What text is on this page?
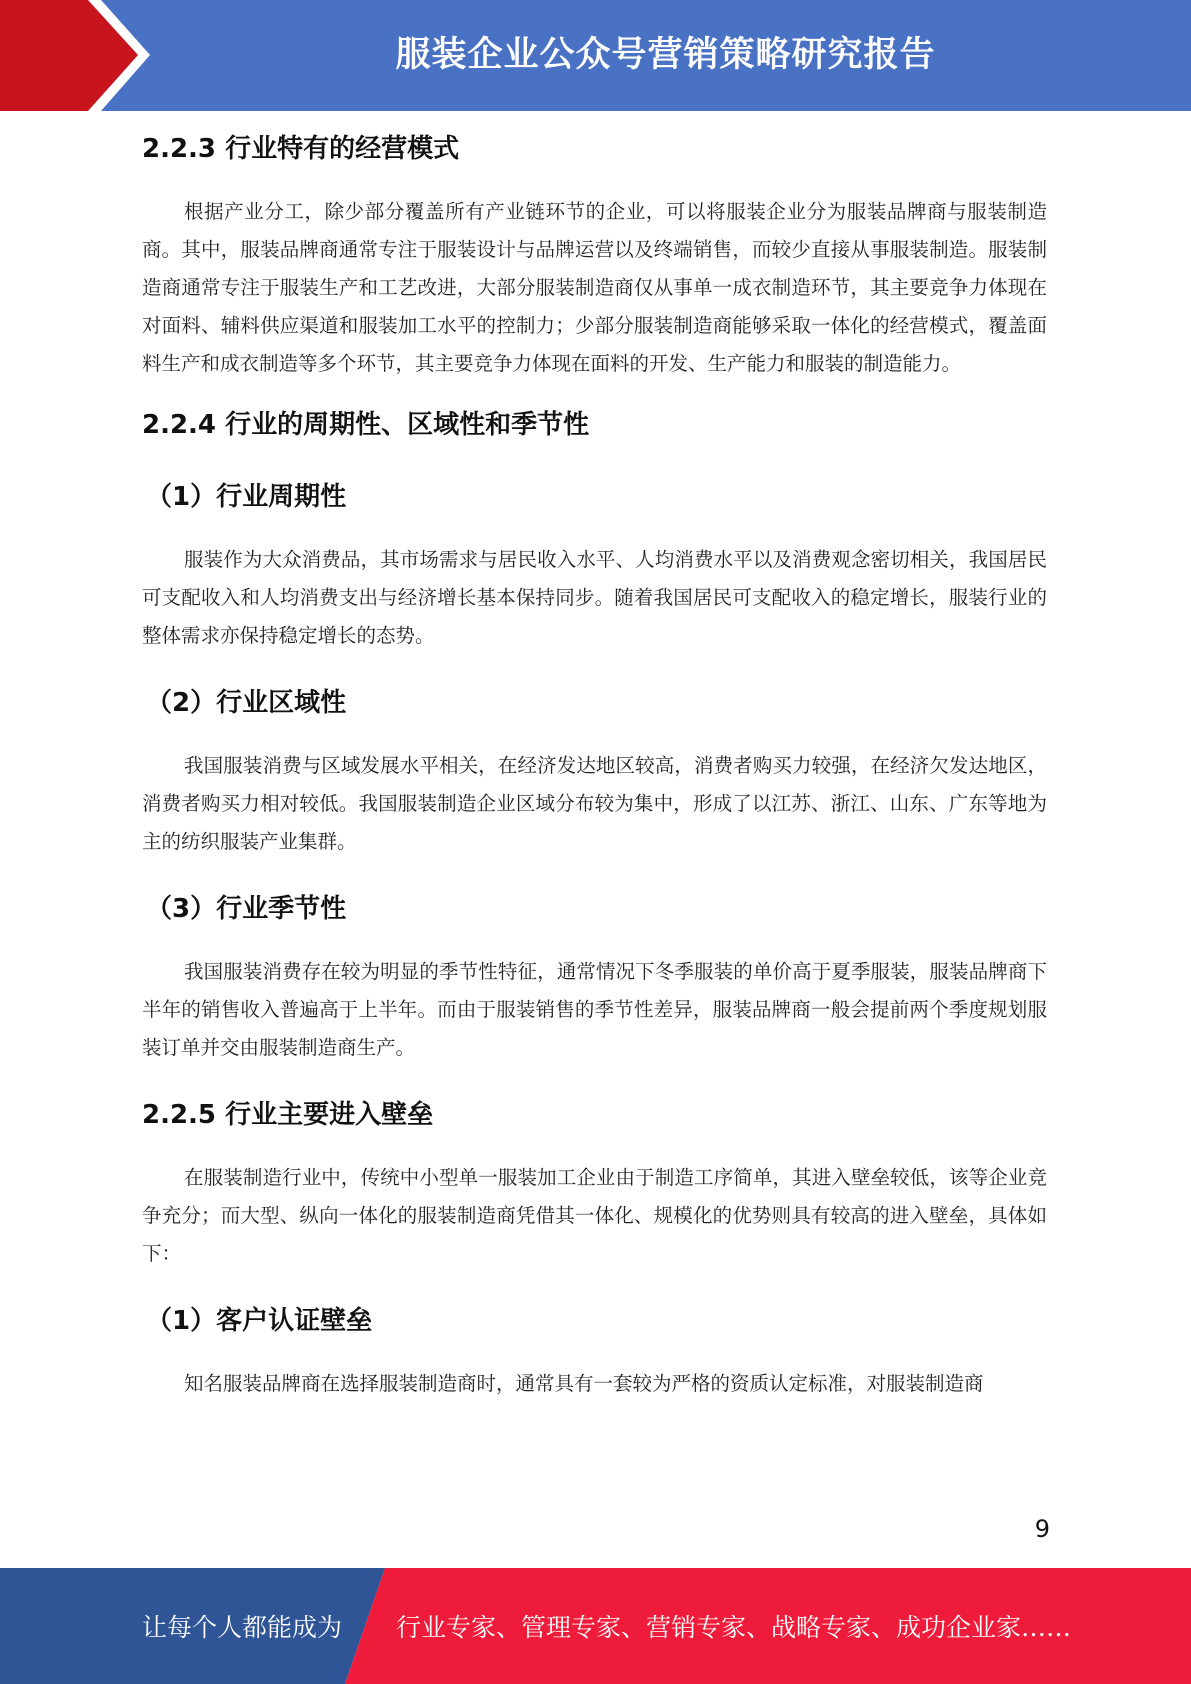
服装企业公众号营销策略研究报告
2.2.3 行业特有的经营模式

根据产业分工，除少部分覆盖所有产业链环节的企业，可以将服装企业分为服装品牌商与服装制造商。其中，服装品牌商通常专注于服装设计与品牌运营以及终端销售，而较少直接从事服装制造。服装制造商通常专注于服装生产和工艺改进，大部分服装制造商仅从事单一成衣制造环节，其主要竞争力体现在对面料、辅料供应渠道和服装加工水平的控制力；少部分服装制造商能够采取一体化的经营模式，覆盖面料生产和成衣制造等多个环节，其主要竞争力体现在面料的开发、生产能力和服装的制造能力。

2.2.4 行业的周期性、区域性和季节性
（1）行业周期性

服装作为大众消费品，其市场需求与居民收入水平、人均消费水平以及消费观念密切相关，我国居民可支配收入和人均消费支出与经济增长基本保持同步。随着我国居民可支配收入的稳定增长，服装行业的整体需求亦保持稳定增长的态势。

（2）行业区域性

我国服装消费与区域发展水平相关，在经济发达地区较高，消费者购买力较强，在经济欠发达地区，消费者购买力相对较低。我国服装制造企业区域分布较为集中，形成了以江苏、浙江、山东、广东等地为主的纺织服装产业集群。

（3）行业季节性

我国服装消费存在较为明显的季节性特征，通常情况下冬季服装的单价高于夏季服装，服装品牌商下半年的销售收入普遍高于上半年。而由于服装销售的季节性差异，服装品牌商一般会提前两个季度规划服装订单并交由服装制造商生产。

2.2.5 行业主要进入壁垒

在服装制造行业中，传统中小型单一服装加工企业由于制造工序简单，其进入壁垒较低，该等企业竞争充分；而大型、纵向一体化的服装制造商凭借其一体化、规模化的优势则具有较高的进入壁垒，具体如下：

（1）客户认证壁垒

知名服装品牌商在选择服装制造商时，通常具有一套较为严格的资质认定标准，对服装制造商

9
让每个人都能成为	行业专家、管理专家、营销专家、战略专家、成功企业家……
